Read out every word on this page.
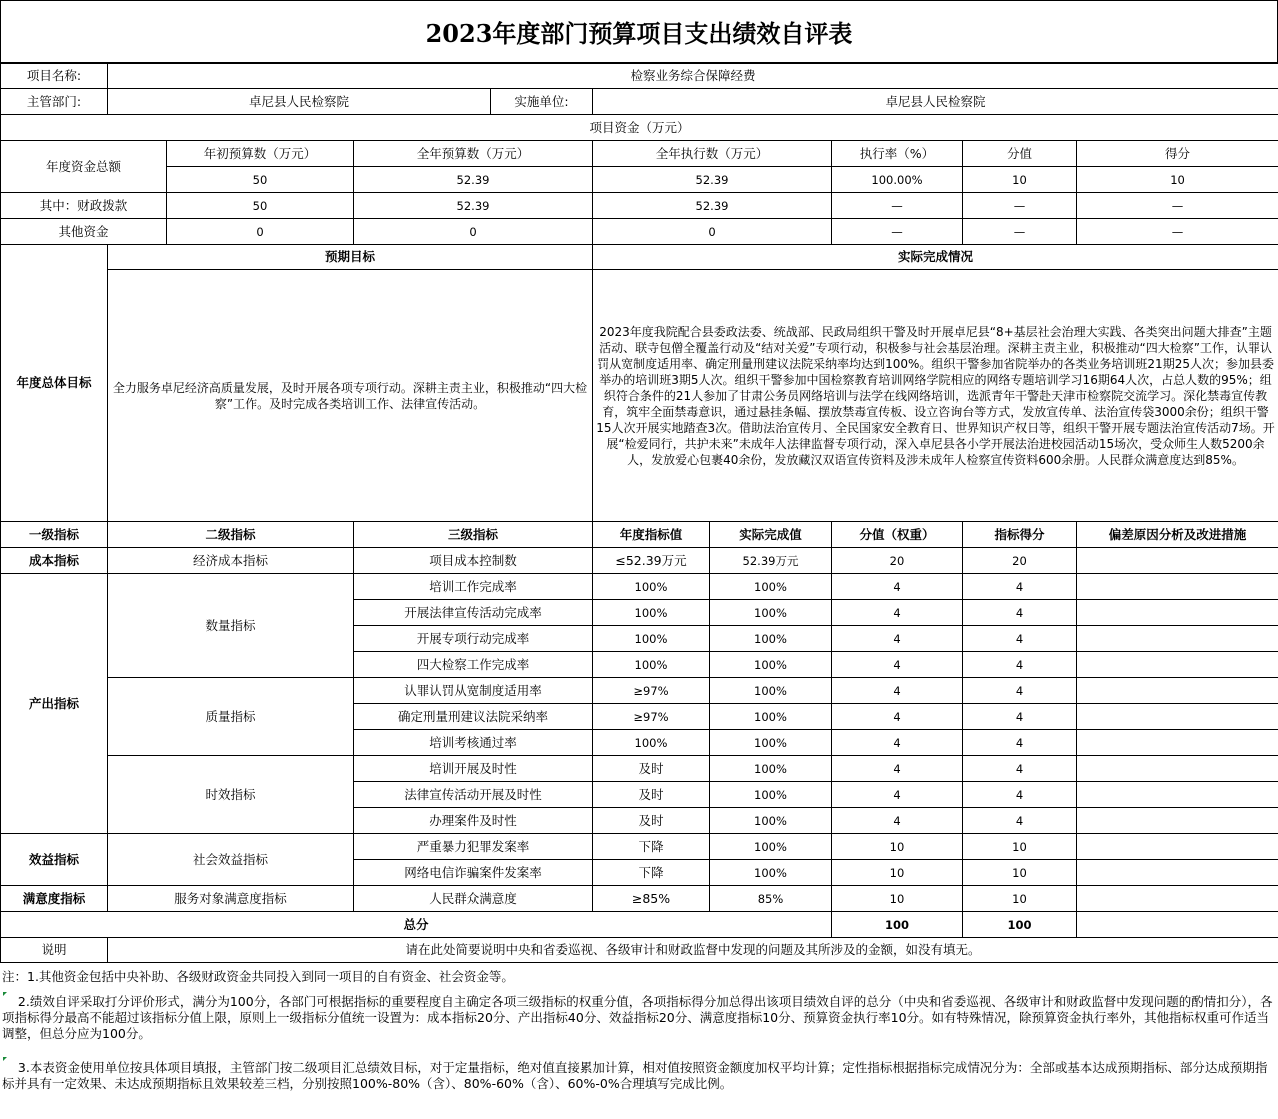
2023年度部门预算项目支出绩效自评表
项目名称:	检察业务综合保障经费								
主管部门:	卓尼县人民检察院			实施单位:	卓尼县人民检察院				
项目资金（万元）									
年度资金总额		年初预算数（万元）	全年预算数（万元）		全年执行数（万元）		执行率（%）	分值	得分
		50	52.39		52.39		100.00%	10	10
其中：财政拨款		50	52.39		52.39		—	—	—
其他资金		0	0		0		—	—	—
年度总体目标	预期目标				实际完成情况				
	全力服务卓尼经济高质量发展，及时开展各项专项行动。深耕主责主业，积极推动“四大检察”工作。及时完成各类培训工作、法律宣传活动。				2023年度我院配合县委政法委、统战部、民政局组织干警及时开展卓尼县“8+基层社会治理大实践、各类突出问题大排查”主题活动、联寺包僧全覆盖行动及“结对关爱”专项行动，积极参与社会基层治理。深耕主责主业，积极推动“四大检察”工作，认罪认罚从宽制度适用率、确定刑量刑建议法院采纳率均达到100%。组织干警参加省院举办的各类业务培训班21期25人次；参加县委举办的培训班3期5人次。组织干警参加中国检察教育培训网络学院相应的网络专题培训学习16期64人次，占总人数的95%；组织符合条件的21人参加了甘肃公务员网络培训与法学在线网络培训，选派青年干警赴天津市检察院交流学习。深化禁毒宣传教育，筑牢全面禁毒意识，通过悬挂条幅、摆放禁毒宣传板、设立咨询台等方式，发放宣传单、法治宣传袋3000余份；组织干警15人次开展实地踏查3次。借助法治宣传月、全民国家安全教育日、世界知识产权日等，组织干警开展专题法治宣传活动7场。开展“检爱同行，共护未来”未成年人法律监督专项行动，深入卓尼县各小学开展法治进校园活动15场次，受众师生人数5200余人，发放爱心包裹40余份，发放藏汉双语宣传资料及涉未成年人检察宣传资料600余册。人民群众满意度达到85%。				
一级指标	二级指标		三级指标		年度指标值	实际完成值	分值（权重）	指标得分	偏差原因分析及改进措施
成本指标	经济成本指标		项目成本控制数		≤52.39万元	52.39万元	20	20	
产出指标	数量指标		培训工作完成率		100%	100%	4	4	
			开展法律宣传活动完成率		100%	100%	4	4	
			开展专项行动完成率		100%	100%	4	4	
			四大检察工作完成率		100%	100%	4	4	
	质量指标		认罪认罚从宽制度适用率		≥97%	100%	4	4	
			确定刑量刑建议法院采纳率		≥97%	100%	4	4	
			培训考核通过率		100%	100%	4	4	
	时效指标		培训开展及时性		及时	100%	4	4	
			法律宣传活动开展及时性		及时	100%	4	4	
			办理案件及时性		及时	100%	4	4	
效益指标	社会效益指标		严重暴力犯罪发案率		下降	100%	10	10	
			网络电信诈骗案件发案率		下降	100%	10	10	
满意度指标	服务对象满意度指标		人民群众满意度		≥85%	85%	10	10	
总分							100	100	
说明	请在此处简要说明中央和省委巡视、各级审计和财政监督中发现的问题及其所涉及的金额，如没有填无。								

注：1.其他资金包括中央补助、各级财政资金共同投入到同一项目的自有资金、社会资金等。

2.绩效自评采取打分评价形式，满分为100分，各部门可根据指标的重要程度自主确定各项三级指标的权重分值，各项指标得分加总得出该项目绩效自评的总分（中央和省委巡视、各级审计和财政监督中发现问题的酌情扣分），各项指标得分最高不能超过该指标分值上限，原则上一级指标分值统一设置为：成本指标20分、产出指标40分、效益指标20分、满意度指标10分、预算资金执行率10分。如有特殊情况，除预算资金执行率外，其他指标权重可作适当调整，但总分应为100分。

3.本表资金使用单位按具体项目填报，主管部门按二级项目汇总绩效目标，对于定量指标，绝对值直接累加计算，相对值按照资金额度加权平均计算；定性指标根据指标完成情况分为：全部或基本达成预期指标、部分达成预期指标并具有一定效果、未达成预期指标且效果较差三档，分别按照100%-80%（含）、80%-60%（含）、60%-0%合理填写完成比例。
